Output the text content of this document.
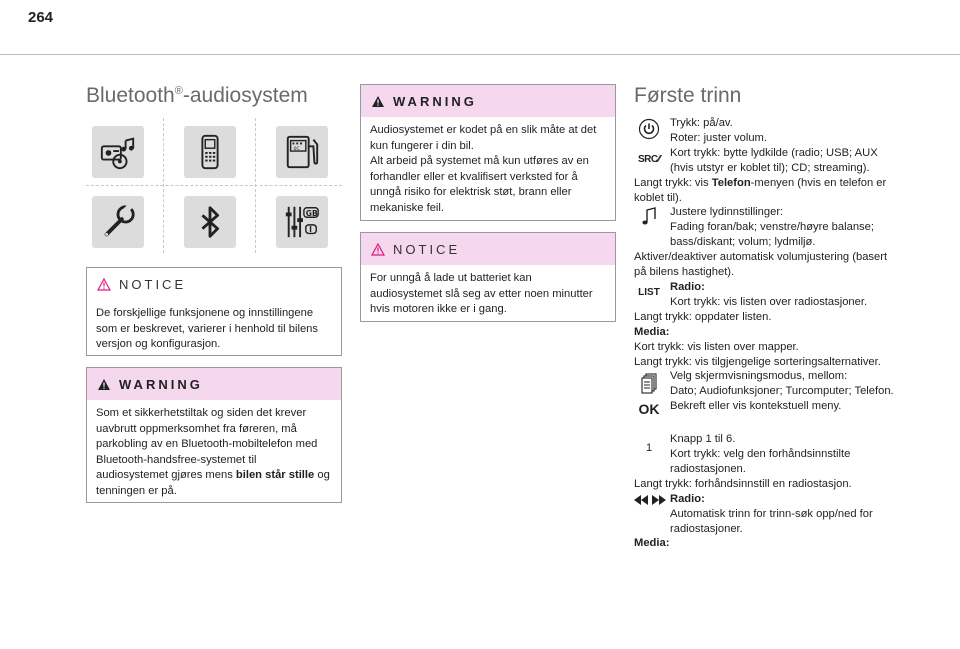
264
Bluetooth®-audiosystem
0C
GB
I
NOTICE
De forskjellige funksjonene og innstillingene som er beskrevet, varierer i henhold til bilens versjon og konfigurasjon.
WARNING
Som et sikkerhetstiltak og siden det krever uavbrutt oppmerksomhet fra føreren, må parkobling av en Bluetooth-mobiltelefon med Bluetooth-handsfree-systemet til audiosystemet gjøres mens bilen står stille og tenningen er på.
WARNING
Audiosystemet er kodet på en slik måte at det kun fungerer i din bil.
Alt arbeid på systemet må kun utføres av en forhandler eller et kvalifisert verksted for å unngå risiko for elektrisk støt, brann eller mekaniske feil.
NOTICE
For unngå å lade ut batteriet kan audiosystemet slå seg av etter noen minutter hvis motoren ikke er i gang.
Første trinn
Trykk: på/av.
Roter: juster volum.
SRC⁄⁄
Kort trykk: bytte lydkilde (radio; USB; AUX (hvis utstyr er koblet til); CD; streaming).
Langt trykk: vis Telefon-menyen (hvis en telefon er koblet til).
Justere lydinnstillinger:
Fading foran/bak; venstre/høyre balanse; bass/diskant; volum; lydmiljø.
Aktiver/deaktiver automatisk volumjustering (basert på bilens hastighet).
LIST Radio:
Kort trykk: vis listen over radiostasjoner.
Langt trykk: oppdater listen.
Media:
Kort trykk: vis listen over mapper.
Langt trykk: vis tilgjengelige sorteringsalternativer.
Velg skjermvisningsmodus, mellom:
Dato; Audiofunksjoner; Turcomputer; Telefon.
OK Bekreft eller vis kontekstuell meny.
1
Knapp 1 til 6.
Kort trykk: velg den forhåndsinnstilte radiostasjonen.
Langt trykk: forhåndsinnstill en radiostasjon.
Radio:
Automatisk trinn for trinn-søk opp/ned for radiostasjoner.
Media:
